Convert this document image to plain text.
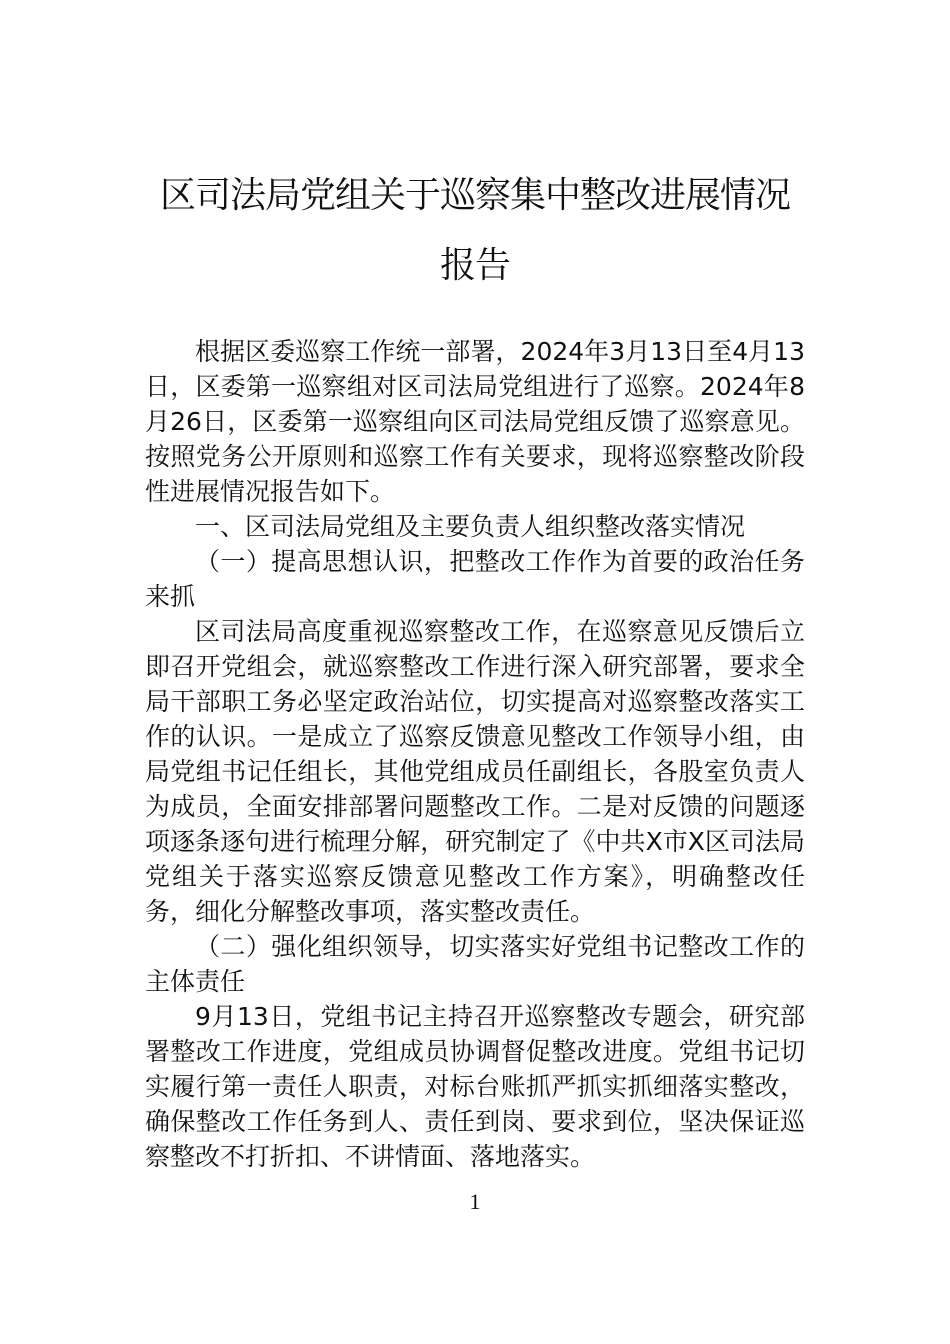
区司法局党组关于巡察集中整改进展情况
报告

根据区委巡察工作统一部署，2024年3月13日至4月13日，区委第一巡察组对区司法局党组进行了巡察。2024年8月26日，区委第一巡察组向区司法局党组反馈了巡察意见。按照党务公开原则和巡察工作有关要求，现将巡察整改阶段性进展情况报告如下。

一、区司法局党组及主要负责人组织整改落实情况

（一）提高思想认识，把整改工作作为首要的政治任务来抓

区司法局高度重视巡察整改工作，在巡察意见反馈后立即召开党组会，就巡察整改工作进行深入研究部署，要求全局干部职工务必坚定政治站位，切实提高对巡察整改落实工作的认识。一是成立了巡察反馈意见整改工作领导小组，由局党组书记任组长，其他党组成员任副组长，各股室负责人为成员，全面安排部署问题整改工作。二是对反馈的问题逐项逐条逐句进行梳理分解，研究制定了《中共X市X区司法局党组关于落实巡察反馈意见整改工作方案》，明确整改任务，细化分解整改事项，落实整改责任。

（二）强化组织领导，切实落实好党组书记整改工作的主体责任

9月13日，党组书记主持召开巡察整改专题会，研究部署整改工作进度，党组成员协调督促整改进度。党组书记切实履行第一责任人职责，对标台账抓严抓实抓细落实整改，确保整改工作任务到人、责任到岗、要求到位，坚决保证巡察整改不打折扣、不讲情面、落地落实。

1
